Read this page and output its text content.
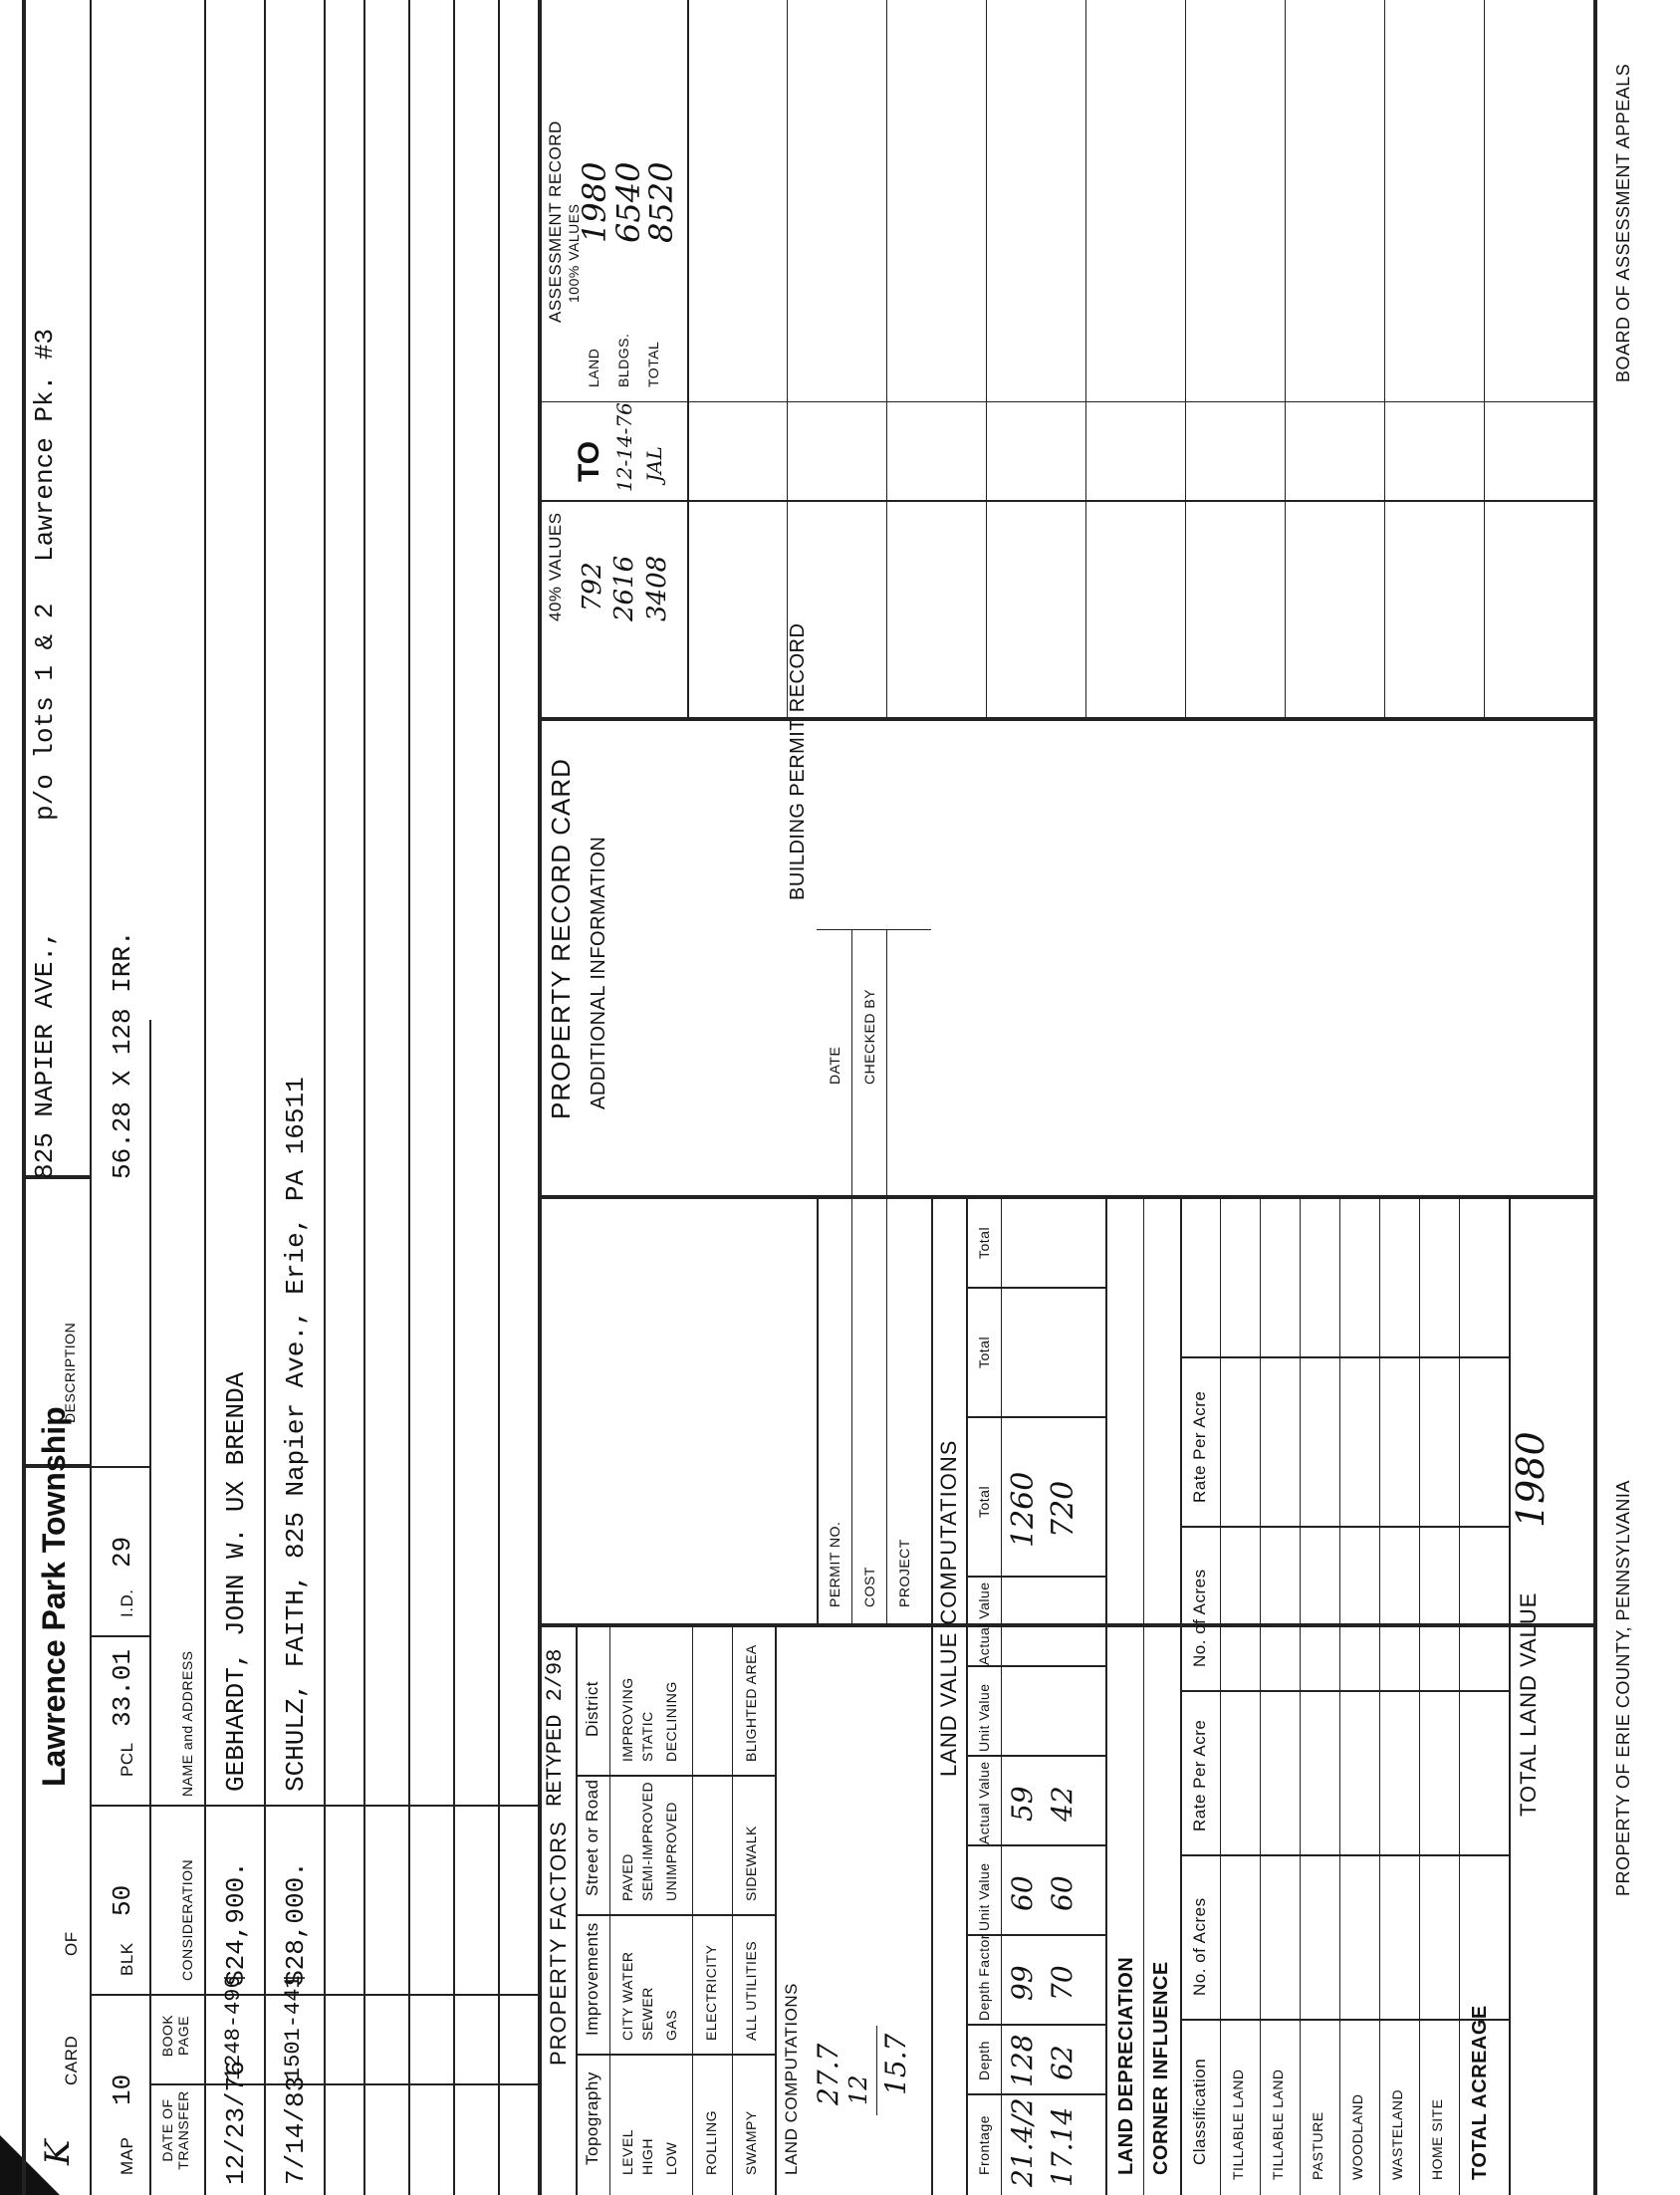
K
CARD
OF
Lawrence Park Township
DESCRIPTION
825 NAPIER AVE.,
p/o lots 1 & 2
Lawrence Pk. #3
MAP
10
BLK
50
PCL
33.01
I.D.
29
56.28 X 128 IRR.
DATE OF TRANSFER
BOOK PAGE
CONSIDERATION
NAME and ADDRESS
12/23/76
1248-496
$24,900.
GEBHARDT, JOHN W. UX BRENDA
7/14/83
1501-441
$28,000.
SCHULZ, FAITH, 825 Napier Ave., Erie, PA 16511
PROPERTY FACTORS
RETYPED 2/98
Topography
Improvements
Street or Road
District
LEVEL HIGH LOW ROLLING SWAMPY
CITY WATER SEWER GAS ELECTRICITY ALL UTILITIES
PAVED SEMI-IMPROVED UNIMPROVED	SIDEWALK
IMPROVING STATIC DECLINING	BLIGHTED AREA
LAND COMPUTATIONS 27.7 12 15.7
LAND VALUE COMPUTATIONS
Frontage
Depth
Depth Factor
Unit Value
Actual Value
Unit Value
Actual Value
Total
Total
Total
21.4/2
128
99
60
59
1260
17.14
62
70
60
42
720
LAND DEPRECIATION CORNER INFLUENCE Classification
No. of Acres
Rate Per Acre
No. of Acres
Rate Per Acre
TILLABLE LAND TILLABLE LAND PASTURE WOODLAND WASTELAND HOME SITE TOTAL ACREAGE
TOTAL LAND VALUE
1980
PROPERTY RECORD CARD ADDITIONAL INFORMATION
BUILDING PERMIT RECORD
PERMIT NO. COST PROJECT
DATE CHECKED BY
40% VALUES 792 2616 3408
TO 12-14-76 JAL
ASSESSMENT RECORD 100% VALUES
LAND BLDGS. TOTAL
1980
6540
8520
PROPERTY OF ERIE COUNTY, PENNSYLVANIA
BOARD OF ASSESSMENT APPEALS
